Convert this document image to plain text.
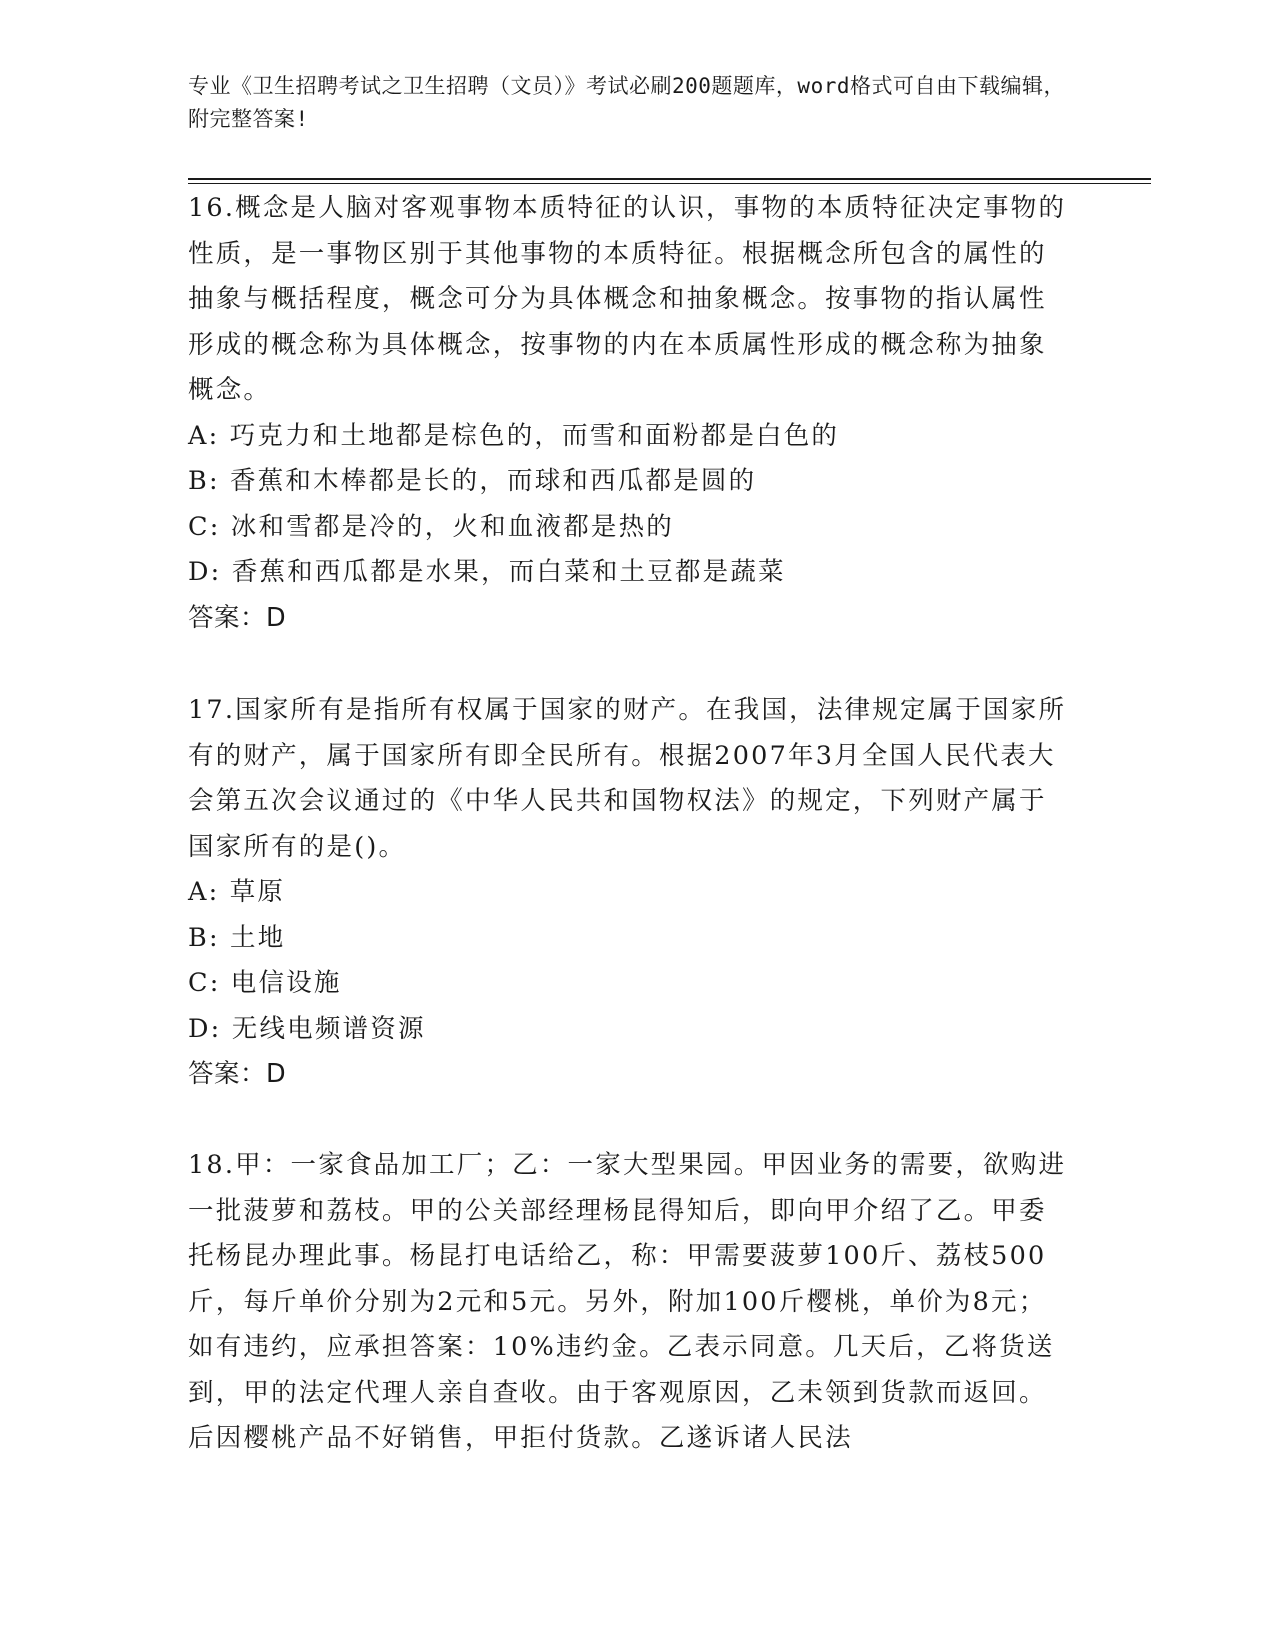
专业《卫生招聘考试之卫生招聘（文员）》考试必刷200题题库，word格式可自由下载编辑，附完整答案!

16.概念是人脑对客观事物本质特征的认识，事物的本质特征决定事物的性质，是一事物区别于其他事物的本质特征。根据概念所包含的属性的抽象与概括程度，概念可分为具体概念和抽象概念。按事物的指认属性形成的概念称为具体概念，按事物的内在本质属性形成的概念称为抽象概念。

A: 巧克力和土地都是棕色的，而雪和面粉都是白色的

B: 香蕉和木棒都是长的，而球和西瓜都是圆的

C: 冰和雪都是冷的，火和血液都是热的

D: 香蕉和西瓜都是水果，而白菜和土豆都是蔬菜

答案：D

17.国家所有是指所有权属于国家的财产。在我国，法律规定属于国家所有的财产，属于国家所有即全民所有。根据2007年3月全国人民代表大会第五次会议通过的《中华人民共和国物权法》的规定，下列财产属于国家所有的是()。

A: 草原

B: 土地

C: 电信设施

D: 无线电频谱资源

答案：D

18.甲：一家食品加工厂；乙：一家大型果园。甲因业务的需要，欲购进一批菠萝和荔枝。甲的公关部经理杨昆得知后，即向甲介绍了乙。甲委托杨昆办理此事。杨昆打电话给乙，称：甲需要菠萝100斤、荔枝500斤，每斤单价分别为2元和5元。另外，附加100斤樱桃，单价为8元；如有违约，应承担答案：10%违约金。乙表示同意。几天后，乙将货送到，甲的法定代理人亲自查收。由于客观原因，乙未领到货款而返回。后因樱桃产品不好销售，甲拒付货款。乙遂诉诸人民法
